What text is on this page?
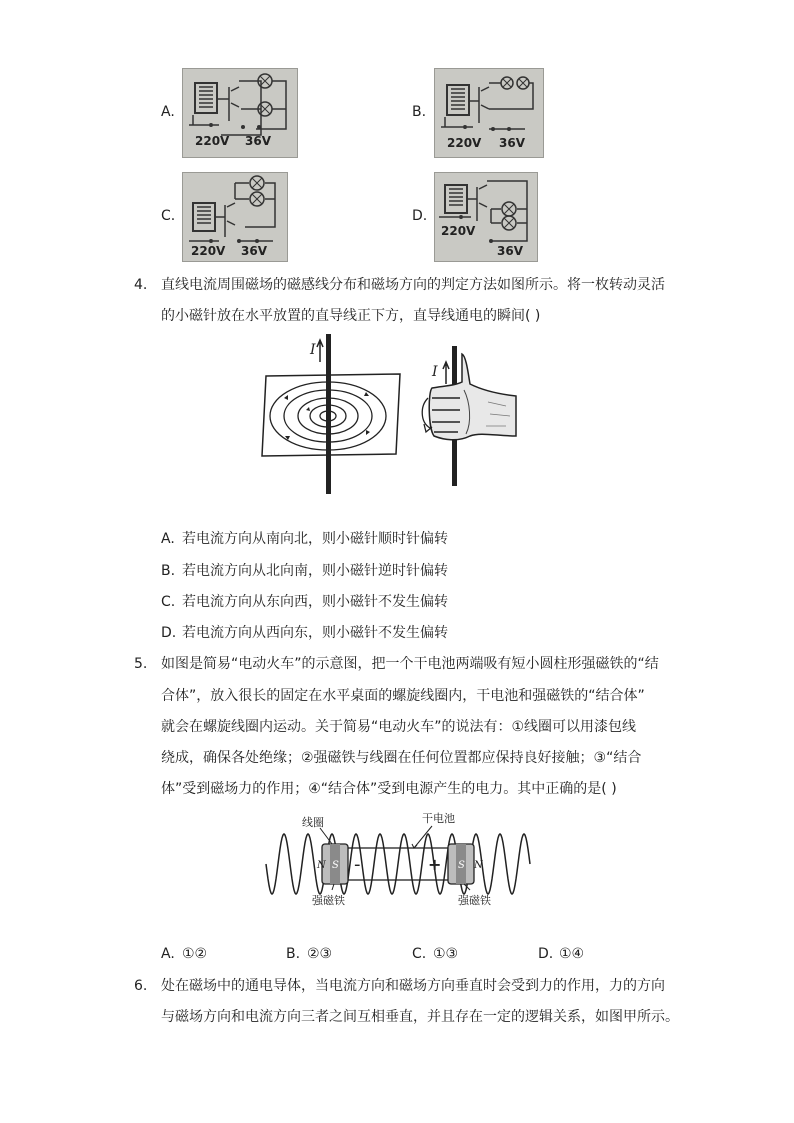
A.
220V 36V
B.
220V 36V
C.
220V 36V
D.
220V
36V
4. 直线电流周围磁场的磁感线分布和磁场方向的判定方法如图所示。将一枚转动灵活
的小磁针放在水平放置的直导线正下方，直导线通电的瞬间( )
I
I
A. 若电流方向从南向北，则小磁针顺时针偏转
B. 若电流方向从北向南，则小磁针逆时针偏转
C. 若电流方向从东向西，则小磁针不发生偏转
D. 若电流方向从西向东，则小磁针不发生偏转
5. 如图是简易“电动火车”的示意图，把一个干电池两端吸有短小圆柱形强磁铁的“结
合体”，放入很长的固定在水平桌面的螺旋线圈内，干电池和强磁铁的“结合体”
就会在螺旋线圈内运动。关于简易“电动火车”的说法有：①线圈可以用漆包线
绕成，确保各处绝缘；②强磁铁与线圈在任何位置都应保持良好接触；③“结合
体”受到磁场力的作用；④“结合体”受到电源产生的电力。其中正确的是( )
N S	S N
-	+
线圈	干电池
强磁铁	强磁铁
A. ①②	B. ②③	C. ①③	D. ①④
6. 处在磁场中的通电导体，当电流方向和磁场方向垂直时会受到力的作用，力的方向
与磁场方向和电流方向三者之间互相垂直，并且存在一定的逻辑关系，如图甲所示。
